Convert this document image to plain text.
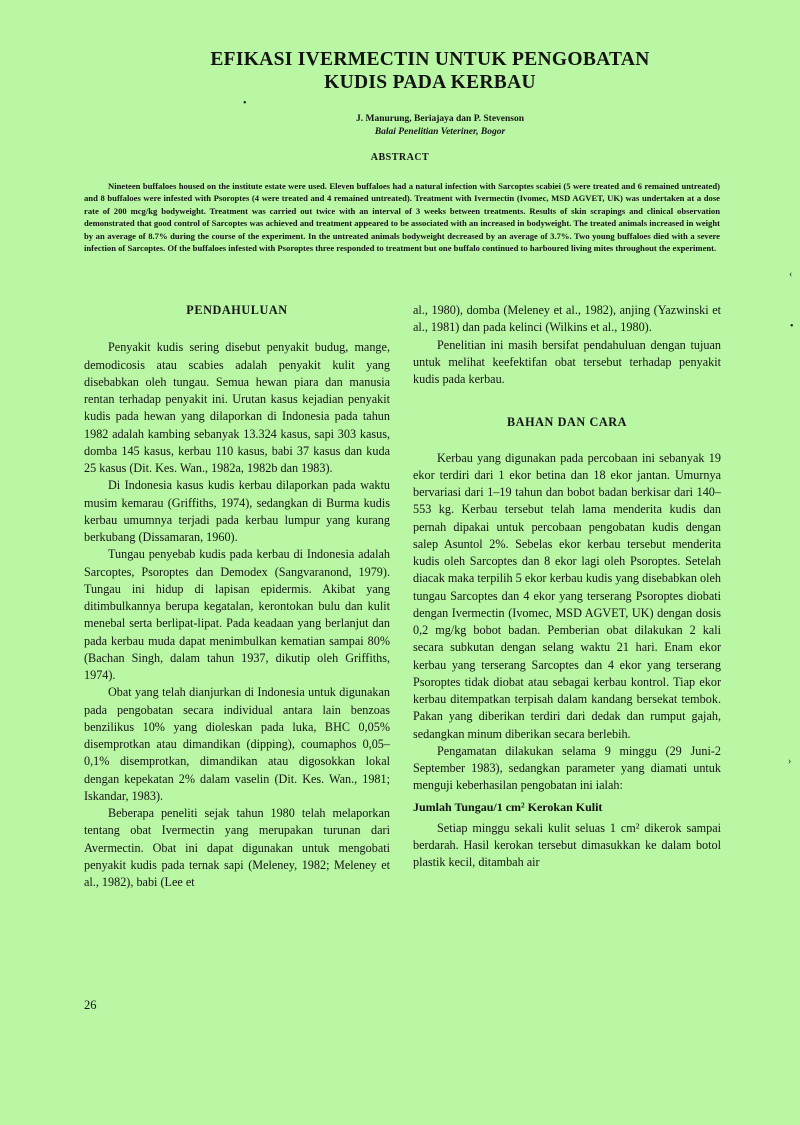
EFIKASI IVERMECTIN UNTUK PENGOBATAN
KUDIS PADA KERBAU
•
J. Manurung, Beriajaya dan P. Stevenson
Balai Penelitian Veteriner, Bogor
ABSTRACT
Nineteen buffaloes housed on the institute estate were used. Eleven buffaloes had a natural infection with Sarcoptes scabiei (5 were treated and 6 remained untreated) and 8 buffaloes were infested with Psoroptes (4 were treated and 4 remained untreated). Treatment with Ivermectin (Ivomec, MSD AGVET, UK) was undertaken at a dose rate of 200 mcg/kg bodyweight. Treatment was carried out twice with an interval of 3 weeks between treatments. Results of skin scrapings and clinical observation demonstrated that good control of Sarcoptes was achieved and treatment appeared to be associated with an increased in bodyweight. The treated animals increased in weight by an average of 8.7% during the course of the experiment. In the untreated animals bodyweight decreased by an average of 3.7%. Two young buffaloes died with a severe infection of Sarcoptes. Of the buffaloes infested with Psoroptes three responded to treatment but one buffalo continued to harboured living mites throughout the experiment.

PENDAHULUAN

Penyakit kudis sering disebut penyakit budug, mange, demodicosis atau scabies adalah penyakit kulit yang disebabkan oleh tungau. Semua hewan piara dan manusia rentan terhadap penyakit ini. Urutan kasus kejadian penyakit kudis pada hewan yang dilaporkan di Indonesia pada tahun 1982 adalah kambing sebanyak 13.324 kasus, sapi 303 kasus, domba 145 kasus, kerbau 110 kasus, babi 37 kasus dan kuda 25 kasus (Dit. Kes. Wan., 1982a, 1982b dan 1983).

Di Indonesia kasus kudis kerbau dilaporkan pada waktu musim kemarau (Griffiths, 1974), sedangkan di Burma kudis kerbau umumnya terjadi pada kerbau lumpur yang kurang berkubang (Dissamaran, 1960).

Tungau penyebab kudis pada kerbau di Indonesia adalah Sarcoptes, Psoroptes dan Demodex (Sangvaranond, 1979). Tungau ini hidup di lapisan epidermis. Akibat yang ditimbulkannya berupa kegatalan, kerontokan bulu dan kulit menebal serta berlipat-lipat. Pada keadaan yang berlanjut dan pada kerbau muda dapat menimbulkan kematian sampai 80% (Bachan Singh, dalam tahun 1937, dikutip oleh Griffiths, 1974).

Obat yang telah dianjurkan di Indonesia untuk digunakan pada pengobatan secara individual antara lain benzoas benzilikus 10% yang dioleskan pada luka, BHC 0,05% disemprotkan atau dimandikan (dipping), coumaphos 0,05–0,1% disemprotkan, dimandikan atau digosokkan lokal dengan kepekatan 2% dalam vaselin (Dit. Kes. Wan., 1981; Iskandar, 1983).

Beberapa peneliti sejak tahun 1980 telah melaporkan tentang obat Ivermectin yang merupakan turunan dari Avermectin. Obat ini dapat digunakan untuk mengobati penyakit kudis pada ternak sapi (Meleney, 1982; Meleney et al., 1982), babi (Lee et

al., 1980), domba (Meleney et al., 1982), anjing (Yazwinski et al., 1981) dan pada kelinci (Wilkins et al., 1980).

Penelitian ini masih bersifat pendahuluan dengan tujuan untuk melihat keefektifan obat tersebut terhadap penyakit kudis pada kerbau.

BAHAN DAN CARA

Kerbau yang digunakan pada percobaan ini sebanyak 19 ekor terdiri dari 1 ekor betina dan 18 ekor jantan. Umurnya bervariasi dari 1–19 tahun dan bobot badan berkisar dari 140–553 kg. Kerbau tersebut telah lama menderita kudis dan pernah dipakai untuk percobaan pengobatan kudis dengan salep Asuntol 2%. Sebelas ekor kerbau tersebut menderita kudis oleh Sarcoptes dan 8 ekor lagi oleh Psoroptes. Setelah diacak maka terpilih 5 ekor kerbau kudis yang disebabkan oleh tungau Sarcoptes dan 4 ekor yang terserang Psoroptes diobati dengan Ivermectin (Ivomec, MSD AGVET, UK) dengan dosis 0,2 mg/kg bobot badan. Pemberian obat dilakukan 2 kali secara subkutan dengan selang waktu 21 hari. Enam ekor kerbau yang terserang Sarcoptes dan 4 ekor yang terserang Psoroptes tidak diobat atau sebagai kerbau kontrol. Tiap ekor kerbau ditempatkan terpisah dalam kandang bersekat tembok. Pakan yang diberikan terdiri dari dedak dan rumput gajah, sedangkan minum diberikan secara berlebih.

Pengamatan dilakukan selama 9 minggu (29 Juni-2 September 1983), sedangkan parameter yang diamati untuk menguji keberhasilan pengobatan ini ialah:

Jumlah Tungau/1 cm² Kerokan Kulit

Setiap minggu sekali kulit seluas 1 cm² dikerok sampai berdarah. Hasil kerokan tersebut dimasukkan ke dalam botol plastik kecil, ditambah air

26
‹
•
›
